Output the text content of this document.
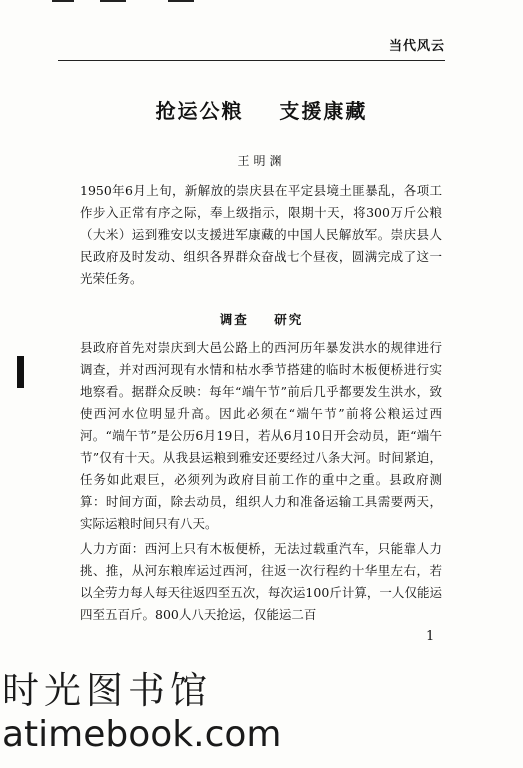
当代风云
抢运公粮    支援康藏
王明渊

1950年6月上旬，新解放的崇庆县在平定县境土匪暴乱，各项工作步入正常有序之际，奉上级指示，限期十天，将300万斤公粮（大米）运到雅安以支援进军康藏的中国人民解放军。崇庆县人民政府及时发动、组织各界群众奋战七个昼夜，圆满完成了这一光荣任务。

调查    研究

县政府首先对崇庆到大邑公路上的西河历年暴发洪水的规律进行调查，并对西河现有水情和枯水季节搭建的临时木板便桥进行实地察看。据群众反映：每年“端午节”前后几乎都要发生洪水，致使西河水位明显升高。因此必须在“端午节”前将公粮运过西河。“端午节”是公历6月19日，若从6月10日开会动员，距“端午节”仅有十天。从我县运粮到雅安还要经过八条大河。时间紧迫，任务如此艰巨，必须列为政府目前工作的重中之重。县政府测算：时间方面，除去动员，组织人力和准备运输工具需要两天，实际运粮时间只有八天。

人力方面：西河上只有木板便桥，无法过载重汽车，只能靠人力挑、推，从河东粮库运过西河，往返一次行程约十华里左右，若以全劳力每人每天往返四至五次，每次运100斤计算，一人仅能运四至五百斤。800人八天抢运，仅能运二百

1
时光图书馆
atimebook.com
